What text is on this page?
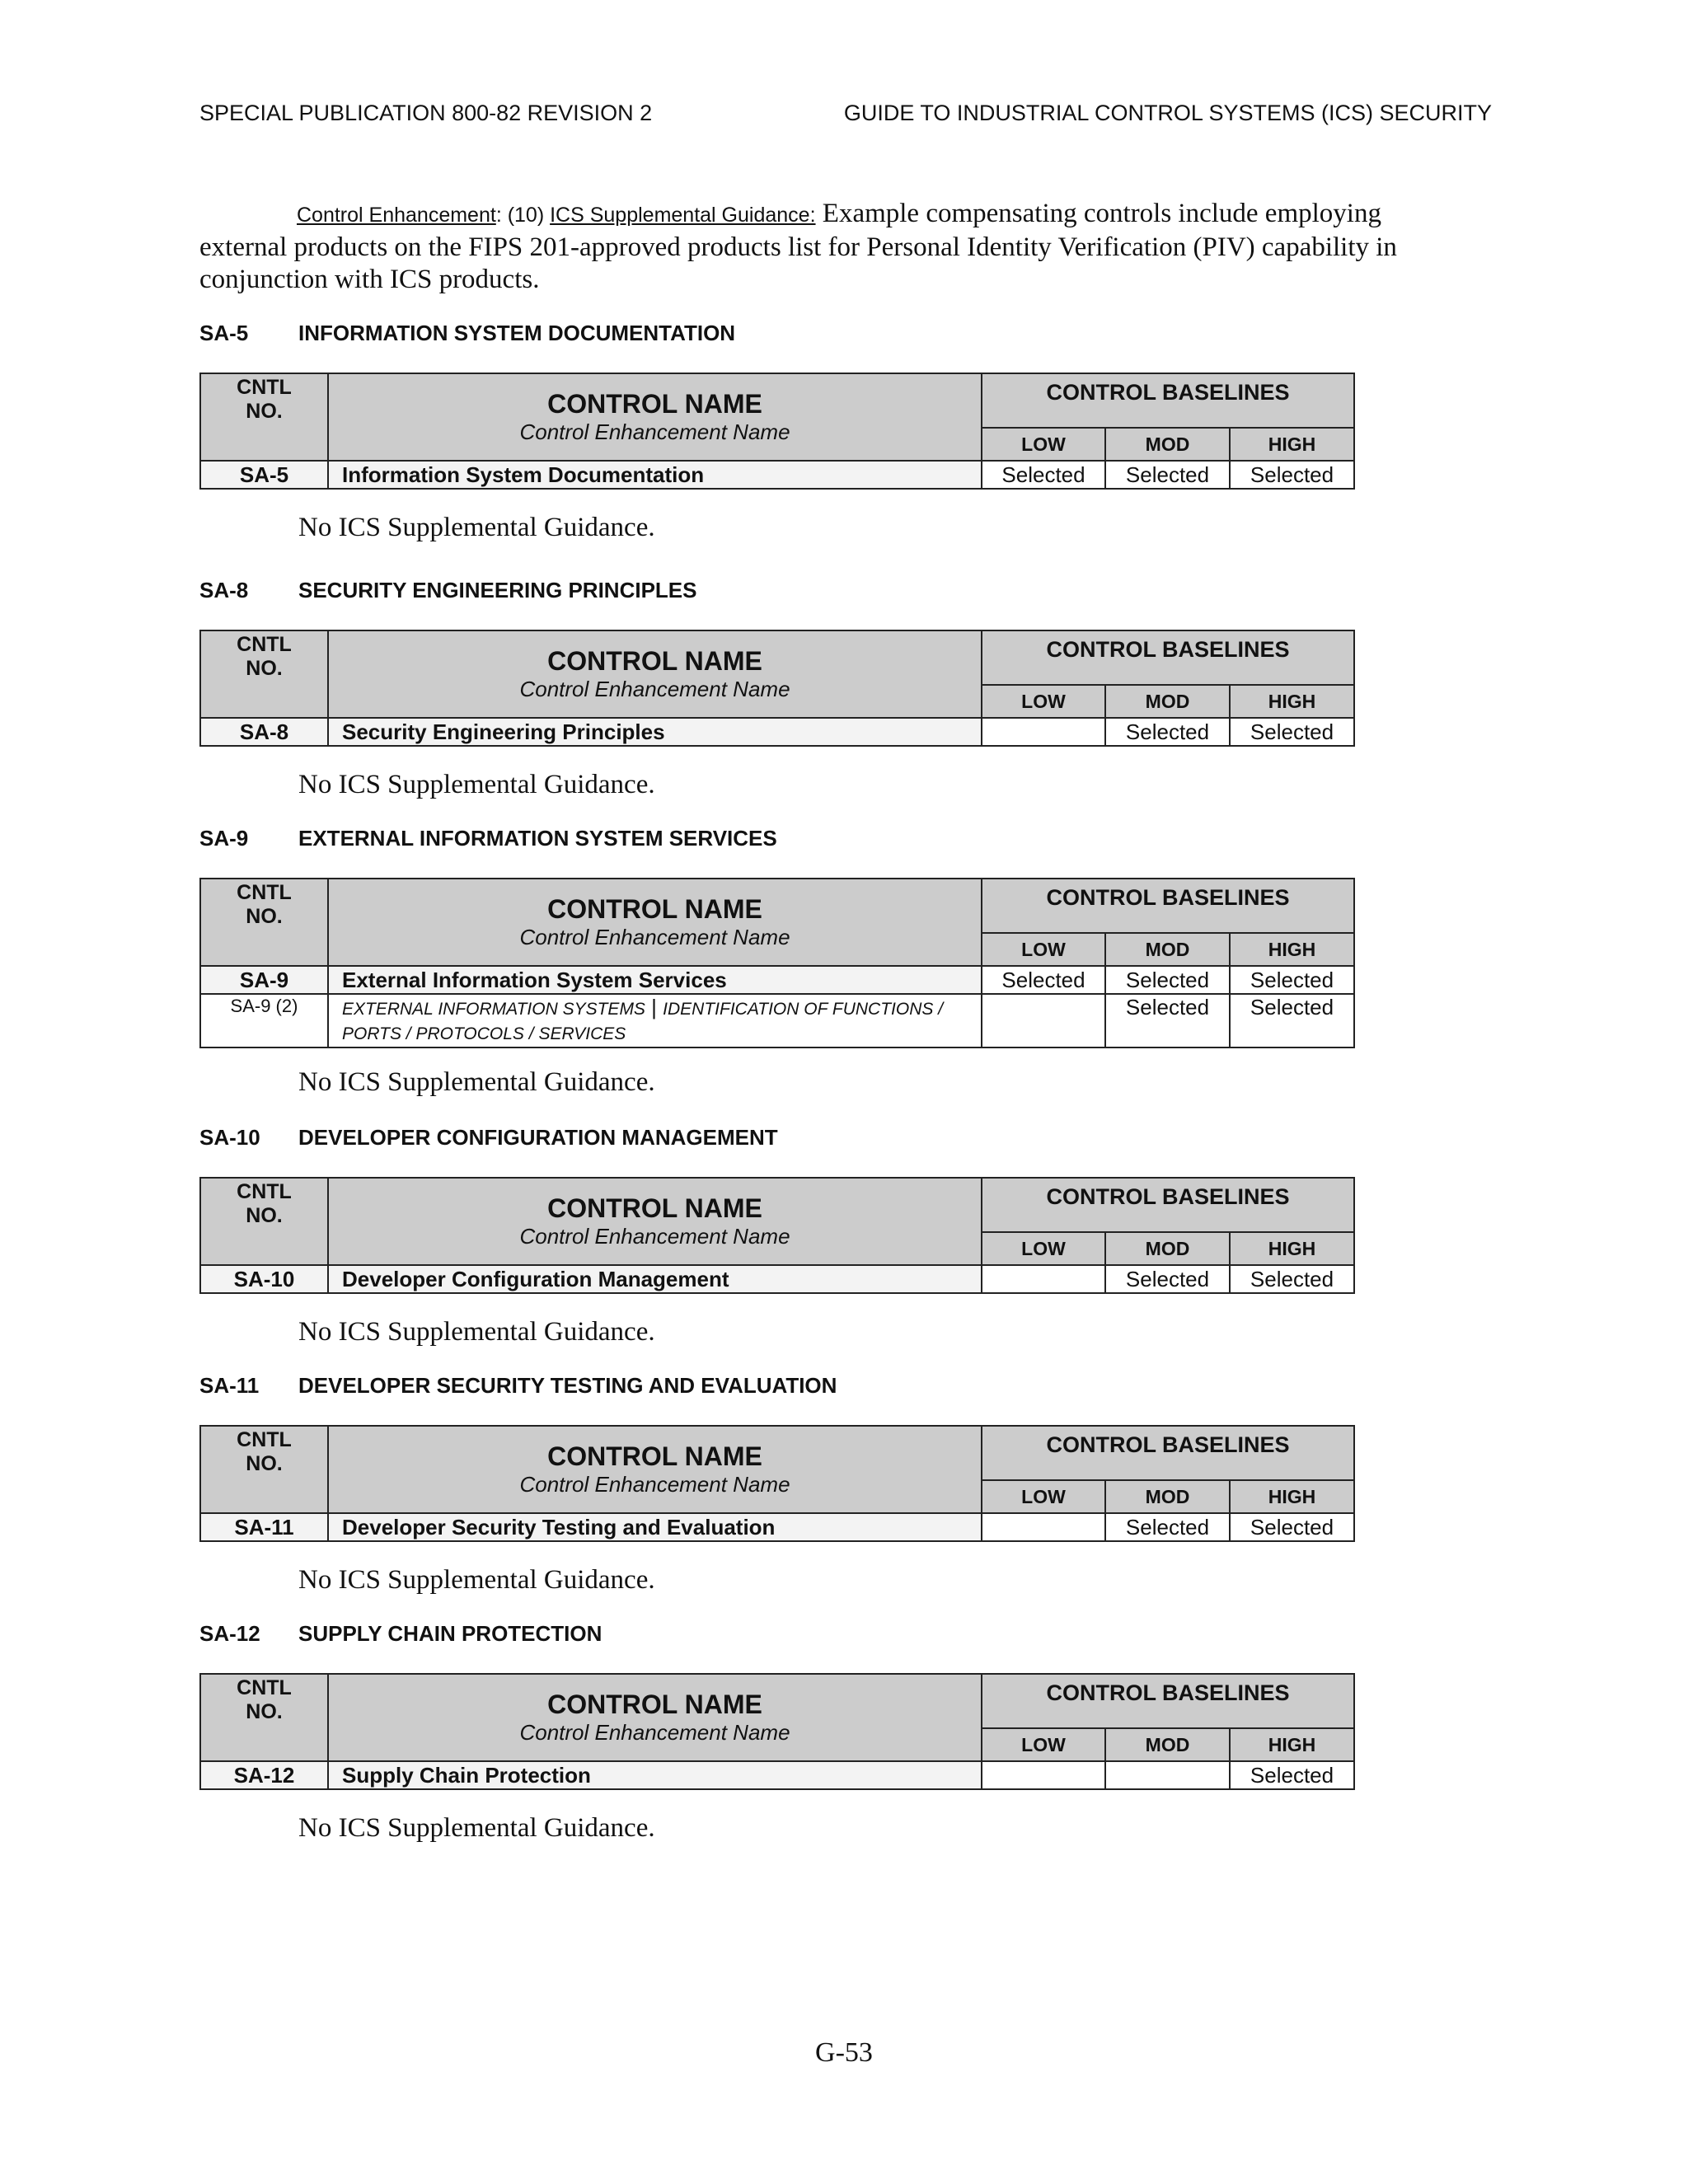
SPECIAL PUBLICATION 800-82 REVISION 2	GUIDE TO INDUSTRIAL CONTROL SYSTEMS (ICS) SECURITY
Control Enhancement: (10) ICS Supplemental Guidance: Example compensating controls include employing
external products on the FIPS 201-approved products list for Personal Identity Verification (PIV) capability in
conjunction with ICS products.
SA-5 INFORMATION SYSTEM DOCUMENTATION
CNTL
NO.	CONTROL NAME
Control Enhancement Name	CONTROL BASELINES		
		LOW	MOD	HIGH
SA-5	Information System Documentation	Selected	Selected	Selected
No ICS Supplemental Guidance.
SA-8 SECURITY ENGINEERING PRINCIPLES
CNTL
NO.	CONTROL NAME
Control Enhancement Name	CONTROL BASELINES		
		LOW	MOD	HIGH
SA-8	Security Engineering Principles		Selected	Selected
No ICS Supplemental Guidance.
SA-9 EXTERNAL INFORMATION SYSTEM SERVICES
CNTL
NO.	CONTROL NAME
Control Enhancement Name	CONTROL BASELINES		
		LOW	MOD	HIGH
SA-9	External Information System Services	Selected	Selected	Selected
SA-9 (2)	EXTERNAL INFORMATION SYSTEMS | IDENTIFICATION OF FUNCTIONS /
PORTS / PROTOCOLS / SERVICES		Selected	Selected
No ICS Supplemental Guidance.
SA-10 DEVELOPER CONFIGURATION MANAGEMENT
CNTL
NO.	CONTROL NAME
Control Enhancement Name	CONTROL BASELINES		
		LOW	MOD	HIGH
SA-10	Developer Configuration Management		Selected	Selected
No ICS Supplemental Guidance.
SA-11 DEVELOPER SECURITY TESTING AND EVALUATION
CNTL
NO.	CONTROL NAME
Control Enhancement Name	CONTROL BASELINES		
		LOW	MOD	HIGH
SA-11	Developer Security Testing and Evaluation		Selected	Selected
No ICS Supplemental Guidance.
SA-12 SUPPLY CHAIN PROTECTION
CNTL
NO.	CONTROL NAME
Control Enhancement Name	CONTROL BASELINES		
		LOW	MOD	HIGH
SA-12	Supply Chain Protection			Selected
No ICS Supplemental Guidance.
G-53
